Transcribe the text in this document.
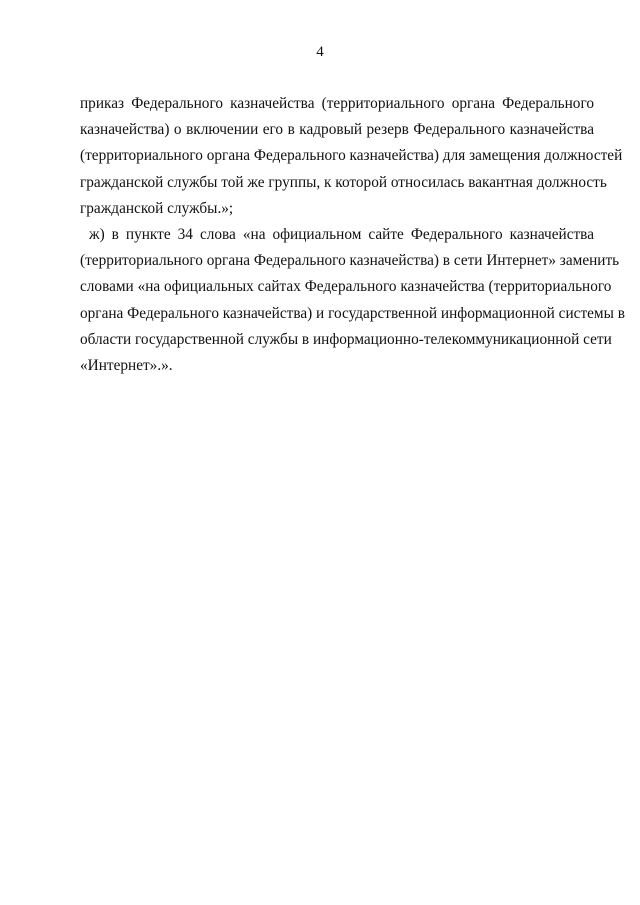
4
приказ Федерального казначейства (территориального органа Федерального
казначейства) о включении его в кадровый резерв Федерального казначейства
(территориального органа Федерального казначейства) для замещения должностей
гражданской службы той же группы, к которой относилась вакантная должность
гражданской службы.»;
ж) в пункте 34 слова «на официальном сайте Федерального казначейства
(территориального органа Федерального казначейства) в сети Интернет» заменить
словами «на официальных сайтах Федерального казначейства (территориального
органа Федерального казначейства) и государственной информационной системы в
области государственной службы в информационно-телекоммуникационной сети
«Интернет».».
